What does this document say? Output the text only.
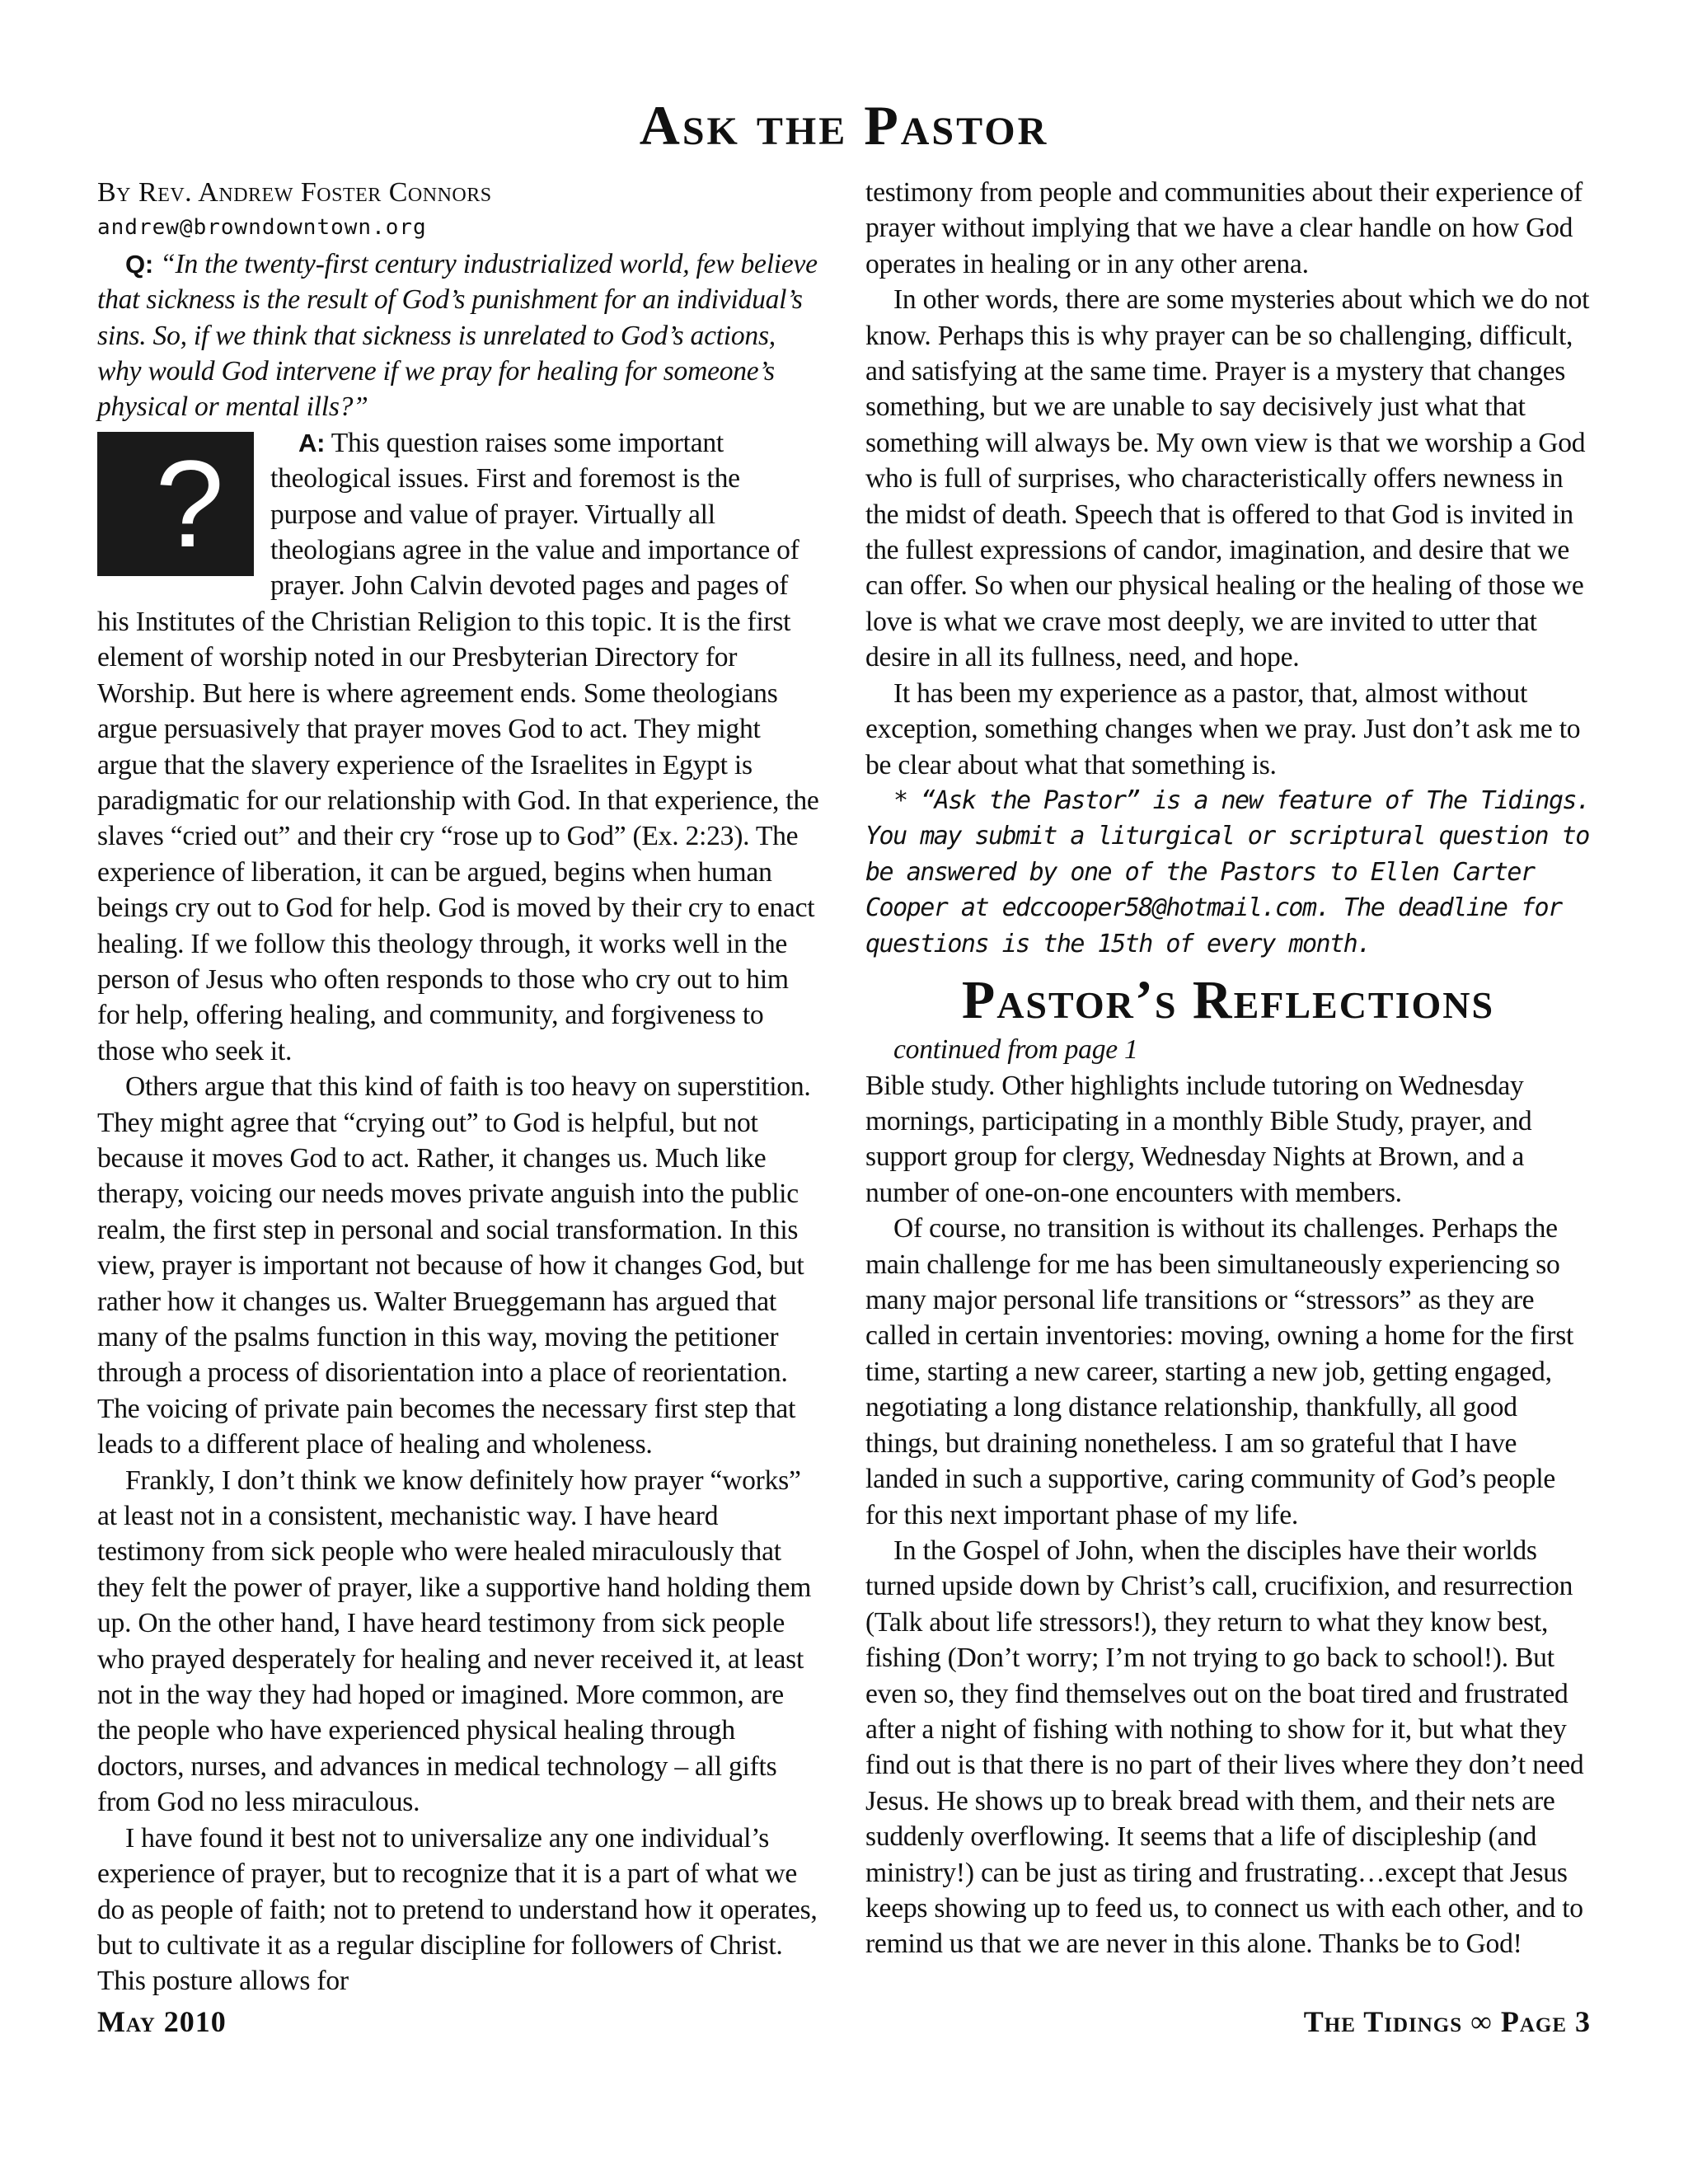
Ask the Pastor

By Rev. Andrew Foster Connors

andrew@browndowntown.org

Q: “In the twenty-first century industrialized world, few believe that sickness is the result of God’s punishment for an individual’s sins. So, if we think that sickness is unrelated to God’s actions, why would God intervene if we pray for healing for someone’s physical or mental ills?”

?	A: This question raises some important theological issues. First and foremost is the purpose and value of prayer. Virtually all theologians agree in the value and importance of prayer. John Calvin devoted pages and pages of his Institutes of the Christian Religion to this topic. It is the first element of worship noted in our Presbyterian Directory for Worship. But here is where agreement ends. Some theologians argue persuasively that prayer moves God to act. They might argue that the slavery experience of the Israelites in Egypt is paradigmatic for our relationship with God. In that experience, the slaves “cried out” and their cry “rose up to God” (Ex. 2:23). The experience of liberation, it can be argued, begins when human beings cry out to God for help. God is moved by their cry to enact healing. If we follow this theology through, it works well in the person of Jesus who often responds to those who cry out to him for help, offering healing, and community, and forgiveness to those who seek it.

Others argue that this kind of faith is too heavy on superstition. They might agree that “crying out” to God is helpful, but not because it moves God to act. Rather, it changes us. Much like therapy, voicing our needs moves private anguish into the public realm, the first step in personal and social transformation. In this view, prayer is important not because of how it changes God, but rather how it changes us. Walter Brueggemann has argued that many of the psalms function in this way, moving the petitioner through a process of disorientation into a place of reorientation. The voicing of private pain becomes the necessary first step that leads to a different place of healing and wholeness.

Frankly, I don’t think we know definitely how prayer “works” at least not in a consistent, mechanistic way. I have heard testimony from sick people who were healed miraculously that they felt the power of prayer, like a supportive hand holding them up. On the other hand, I have heard testimony from sick people who prayed desperately for healing and never received it, at least not in the way they had hoped or imagined. More common, are the people who have experienced physical healing through doctors, nurses, and advances in medical technology – all gifts from God no less miraculous.

I have found it best not to universalize any one individual’s experience of prayer, but to recognize that it is a part of what we do as people of faith; not to pretend to understand how it operates, but to cultivate it as a regular discipline for followers of Christ. This posture allows for

testimony from people and communities about their experience of prayer without implying that we have a clear handle on how God operates in healing or in any other arena.

In other words, there are some mysteries about which we do not know. Perhaps this is why prayer can be so challenging, difficult, and satisfying at the same time. Prayer is a mystery that changes something, but we are unable to say decisively just what that something will always be. My own view is that we worship a God who is full of surprises, who characteristically offers newness in the midst of death. Speech that is offered to that God is invited in the fullest expressions of candor, imagination, and desire that we can offer. So when our physical healing or the healing of those we love is what we crave most deeply, we are invited to utter that desire in all its fullness, need, and hope.

It has been my experience as a pastor, that, almost without exception, something changes when we pray. Just don’t ask me to be clear about what that something is.

* “Ask the Pastor” is a new feature of The Tidings. You may submit a liturgical or scriptural question to be answered by one of the Pastors to Ellen Carter Cooper at edccooper58@hotmail.com. The deadline for questions is the 15th of every month.

Pastor’s Reflections

continued from page 1

Bible study. Other highlights include tutoring on Wednesday mornings, participating in a monthly Bible Study, prayer, and support group for clergy, Wednesday Nights at Brown, and a number of one-on-one encounters with members.

Of course, no transition is without its challenges. Perhaps the main challenge for me has been simultaneously experiencing so many major personal life transitions or “stressors” as they are called in certain inventories: moving, owning a home for the first time, starting a new career, starting a new job, getting engaged, negotiating a long distance relationship, thankfully, all good things, but draining nonetheless. I am so grateful that I have landed in such a supportive, caring community of God’s people for this next important phase of my life.

In the Gospel of John, when the disciples have their worlds turned upside down by Christ’s call, crucifixion, and resurrection (Talk about life stressors!), they return to what they know best, fishing (Don’t worry; I’m not trying to go back to school!). But even so, they find themselves out on the boat tired and frustrated after a night of fishing with nothing to show for it, but what they find out is that there is no part of their lives where they don’t need Jesus. He shows up to break bread with them, and their nets are suddenly overflowing. It seems that a life of discipleship (and ministry!) can be just as tiring and frustrating…except that Jesus keeps showing up to feed us, to connect us with each other, and to remind us that we are never in this alone. Thanks be to God!

May 2010	The Tidings ∞ Page 3
